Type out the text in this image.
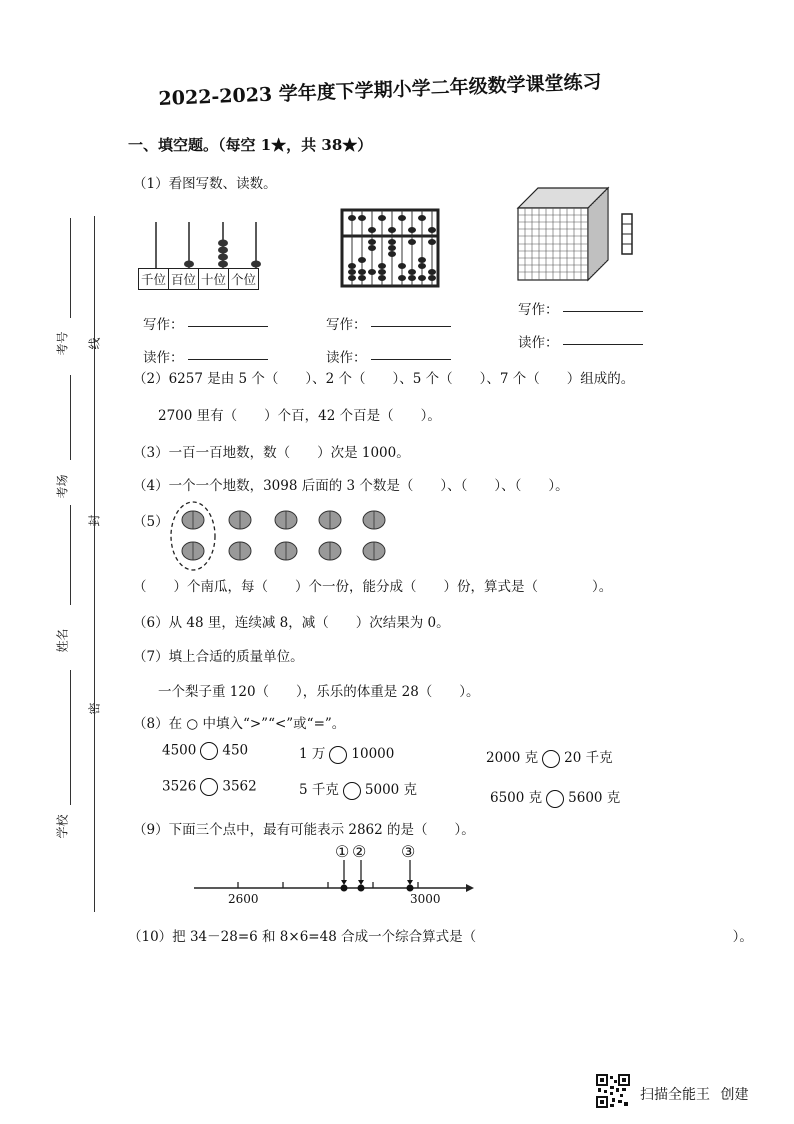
2022-2023 学年度下学期小学二年级数学课堂练习
考号 线
考场
封
姓名
密
学校
一、填空题。（每空 1★，共 38★）
（1）看图写数、读数。
千位	百位	十位	个位
写作：
读作：
写作：
读作：
写作：
读作：
（2）6257 是由 5 个（　　）、2 个（　　）、5 个（　　）、7 个（　　）组成的。
2700 里有（　　）个百，42 个百是（　　）。
（3）一百一百地数，数（　　）次是 1000。
（4）一个一个地数，3098 后面的 3 个数是（　　）、（　　）、（　　）。
（5）
（　　）个南瓜，每（　　）个一份，能分成（　　）份，算式是（　　　　）。
（6）从 48 里，连续减 8，减（　　）次结果为 0。
（7）填上合适的质量单位。
一个梨子重 120（　　），乐乐的体重是 28（　　）。
（8）在 ○ 中填入“>”“<”或“=”。
4500 450	1 万 10000	2000 克 20 千克
3526 3562	5 千克 5000 克	6500 克 5600 克
（9）下面三个点中，最有可能表示 2862 的是（　　）。
① ② ③
2600	3000
（10）把 34－28=6 和 8×6=48 合成一个综合算式是（　　　　　　　　　　　　　　　　　　　）。
扫描全能王 创建
